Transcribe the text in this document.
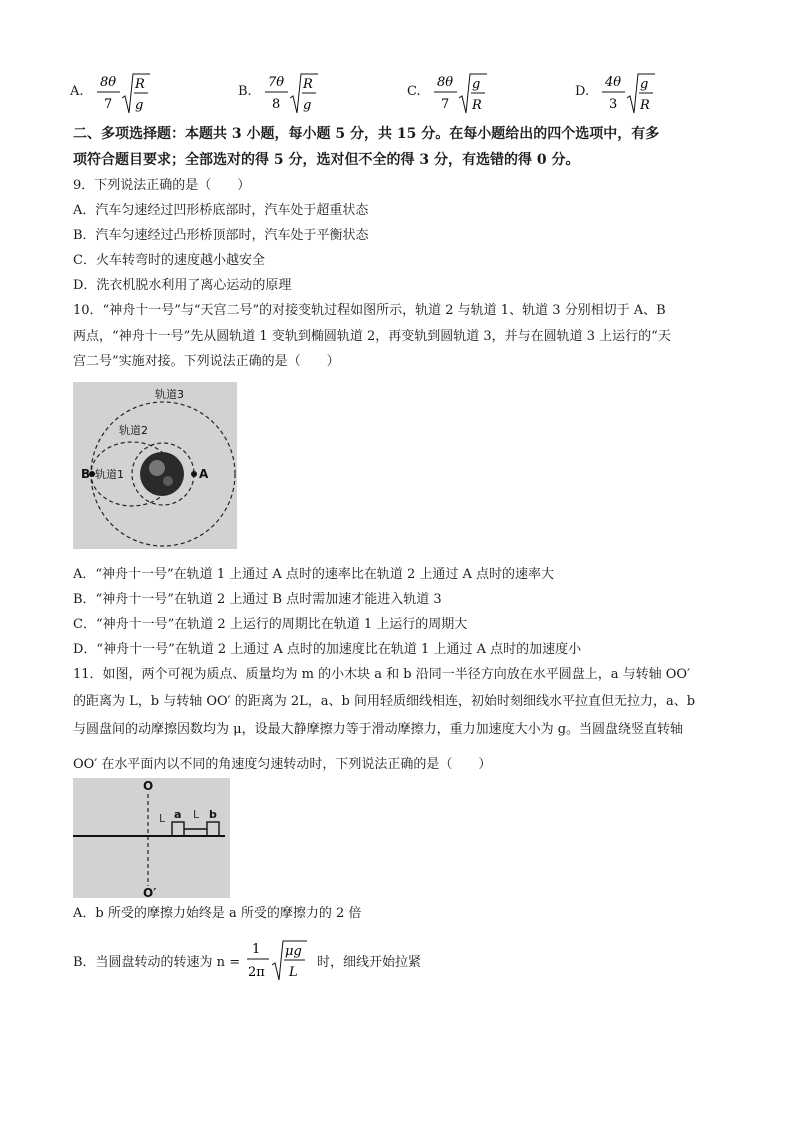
A.
8θ
7
R
g
B.
7θ
8
R
g
C.
8θ
7
g
R
D.
4θ
3
g
R
二、多项选择题：本题共 3 小题，每小题 5 分，共 15 分。在每小题给出的四个选项中，有多
项符合题目要求；全部选对的得 5 分，选对但不全的得 3 分，有选错的得 0 分。
9．下列说法正确的是（　　）
A．汽车匀速经过凹形桥底部时，汽车处于超重状态
B．汽车匀速经过凸形桥顶部时，汽车处于平衡状态
C．火车转弯时的速度越小越安全
D．洗衣机脱水利用了离心运动的原理
10．“神舟十一号”与“天宫二号”的对接变轨过程如图所示，轨道 2 与轨道 1、轨道 3 分别相切于 A、B
两点，“神舟十一号”先从圆轨道 1 变轨到椭圆轨道 2，再变轨到圆轨道 3，并与在圆轨道 3 上运行的“天
宫二号”实施对接。下列说法正确的是（　　）
轨道3
轨道2
轨道1
B	A
A．“神舟十一号”在轨道 1 上通过 A 点时的速率比在轨道 2 上通过 A 点时的速率大
B．“神舟十一号”在轨道 2 上通过 B 点时需加速才能进入轨道 3
C．“神舟十一号”在轨道 2 上运行的周期比在轨道 1 上运行的周期大
D．“神舟十一号”在轨道 2 上通过 A 点时的加速度比在轨道 1 上通过 A 点时的加速度小
11．如图，两个可视为质点、质量均为 m 的小木块 a 和 b 沿同一半径方向放在水平圆盘上，a 与转轴 OO′
的距离为 L，b 与转轴 OO′ 的距离为 2L，a、b 间用轻质细线相连，初始时刻细线水平拉直但无拉力，a、b
与圆盘间的动摩擦因数均为 μ，设最大静摩擦力等于滑动摩擦力，重力加速度大小为 g。当圆盘绕竖直转轴
OO′ 在水平面内以不同的角速度匀速转动时，下列说法正确的是（　　）
O
O′
L	L
a	b
A．b 所受的摩擦力始终是 a 所受的摩擦力的 2 倍
B．当圆盘转动的转速为 n =
1
2π
μg
L
时，细线开始拉紧
